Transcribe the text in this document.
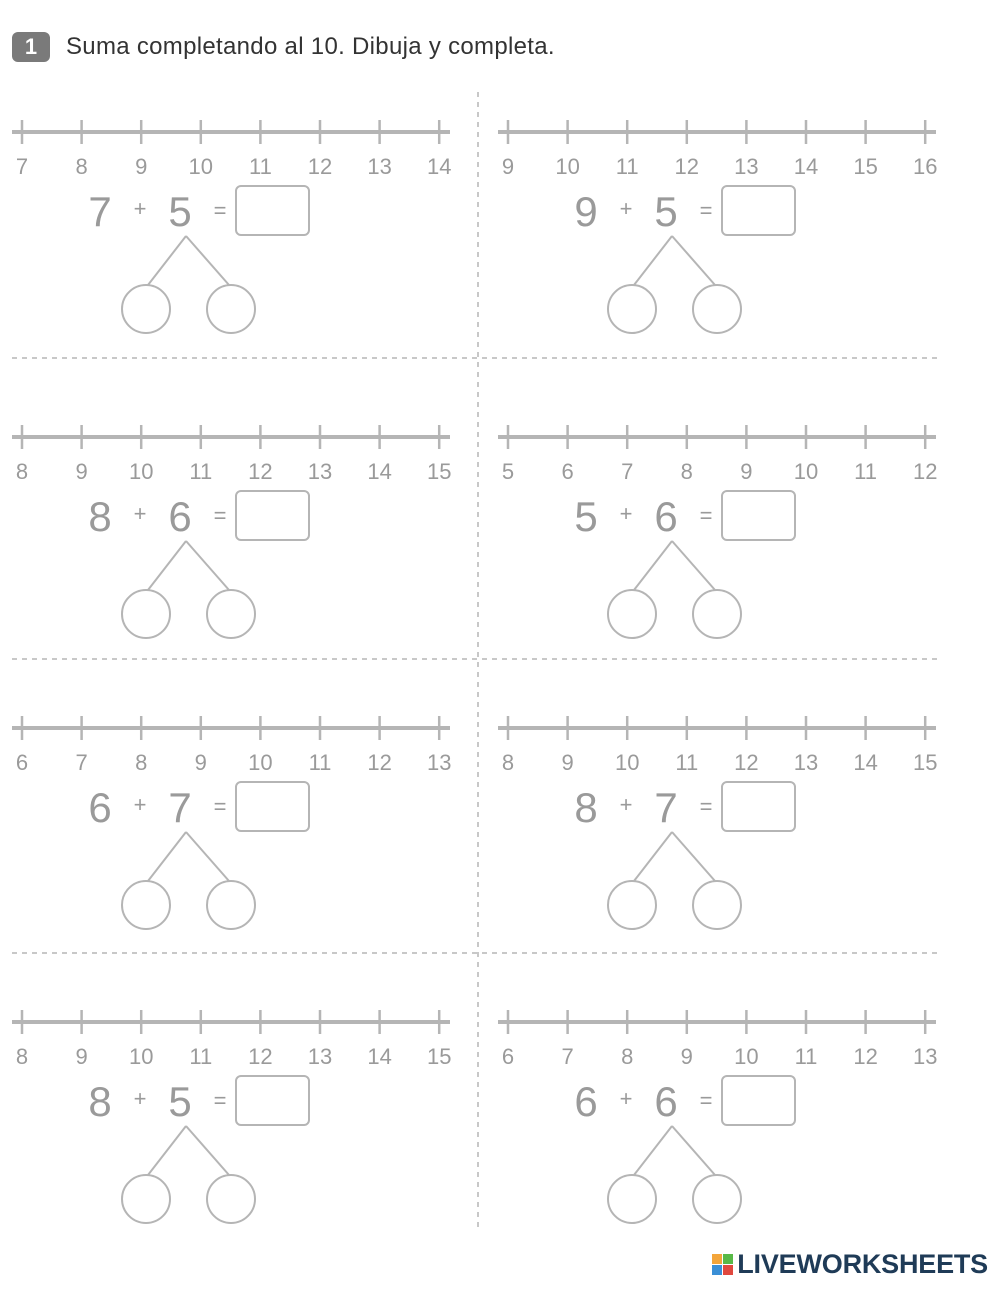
1	Suma completando al 10. Dibuja y completa.
7 8 9 10 11 12 13 14
7 + 5 =
9 10 11 12 13 14 15 16
9 + 5 =
8 9 10 11 12 13 14 15
8 + 6 =
5 6 7 8 9 10 11 12
5 + 6 =
6 7 8 9 10 11 12 13
6 + 7 =
8 9 10 11 12 13 14 15
8 + 7 =
8 9 10 11 12 13 14 15
8 + 5 =
6 7 8 9 10 11 12 13
6 + 6 =
LIVEWORKSHEETS
